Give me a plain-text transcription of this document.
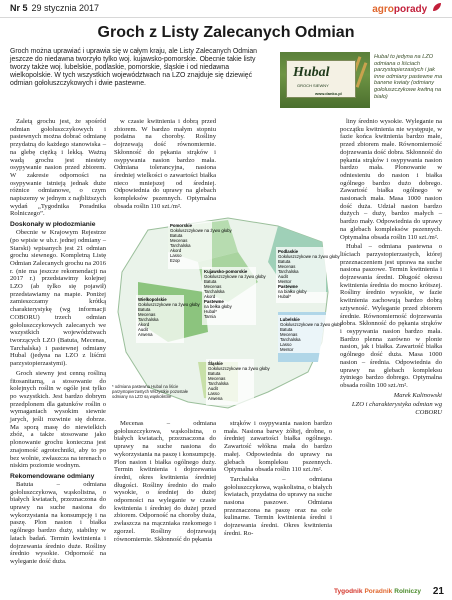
Nr 5 29 stycznia 2017	agroporady
Groch z Listy Zalecanych Odmian
Groch można uprawiać i uprawia się w całym kraju, ale Listy Zalecanych Odmian jeszcze do niedawna tworzyło tylko woj. kujawsko-pomorskie. Obecnie takie listy tworzy także woj. lubelskie, podlaskie, pomorskie, śląskie i od niedawna wielkopolskie. W tych wszystkich województwach na LZO znajduje się dziewięć odmian gołoluszczykowych i dwie pastewne.
Hubal
GROCH SIEWNY
www.danko.pl
Hubal to jedyna na LZO odmiana o liściach parzystopierzastych i jak inne odmiany pastewne ma barwne kwiaty (odmiany gołoluszczykowe kwitną na biało)

Zaletą grochu jest, że spośród odmian gołoluszczykowych i pastewnych można dobrać odmianę przydatną do każdego stanowiska – na glebę ciężką i lekką. Ważną wadą grochu jest niestety osypywanie nasion przed zbiorem. W zakresie odporności na osypywanie istnieją jednak duże różnice odmianowe, o czym napiszemy w jednym z najbliższych wydań „Tygodnika Poradnika Rolniczego”.

Doskonały w płodozmianie

Obecnie w Krajowym Rejestrze (po wpisie w ub.r. jednej odmiany – Starski) wpisanych jest 21 odmian grochu siewnego. Kompletną Listę Odmian Zalecanych grochu na 2016 r. (nie ma jeszcze rekomendacji na 2017 r.) przedstawimy kolejnej LZO (ab tylko się pojawił) przedstawiamy na mapie. Poniżej zamieszczamy krótką charakterystykę (wg informacji COBORU) trzech odmian gołoluszczykowych zalecanych we wszystkich województwach tworzących LZO (Batuta, Mecenas, Tarchalska) i pastewnej odmiany Hubal (jedyna na LZO z liśćmi parzystopierzastymi).

Groch siewny jest cenną rośliną fitosanitarną, a stosowanie do kolejnych roślin w ogóle jest tylko po wszystkich. Jest bardzo dobrym przedplonem dla gatunków roślin o wymaganiach wysokim siewnie jarych, jeśli rozwinie się dobrze. Ma sporą masę do niewielkich zbóż, a także stosowane jako plonowanie grochu konieczna jest znajomość agrotechniki, aby to po bez wolnie, zwłaszcza na terenach o niskim poziomie wodnym.

Rekomendowane odmiany

Batuta – odmiana gołoluszczykowa, wąskolistna, o białych kwiatach, przeznaczona do uprawy na suche nasiona do wykorzystania na konsumpcję i na paszę. Plon nasion i białka ogólnego bardzo duży, stabilny w latach badań. Termin kwitnienia i dojrzewania średnio duże. Rośliny średnio wysokie. Odporność na wyleganie dość duża.

w czasie kwitnienia i dobrą przed zbiorem. W bardzo małym stopniu podatna na choroby. Rośliny dojrzewają dość równomiernie. Skłonność do pękania strąków i osypywania nasion bardzo mała. Odmiana tolerancyjna, nasiona średniej wielkości o zawartości białka nieco mniejszej od średniej. Odpowiednia do uprawy na glebach kompleksów pszennych. Optymalna obsada roślin 110 szt./m².

liny średnio wysokie. Wyleganie na początku kwitnienia nie występuje, w fazie końca kwitnienia bardzo małe, przed zbiorem małe. Równomierność dojrzewania dość dobra. Skłonność do pękania strąków i osypywania nasion bardzo mała. Plonowanie w odniesieniu do nasion i białka ogólnego bardzo dużo dobrego. Zawartość białka ogólnego w nasionach mała. Masa 1000 nasion dość duża. Udział nasion bardzo dużych – duży, bardzo małych – bardzo mały. Odpowiednia do uprawy na glebach kompleksów pszennych. Optymalna obsada roślin 110 szt./m².

Hubal – odmiana pastewna o liściach parzystopierzastych, której przeznaczeniem jest uprawa na suche nasiona paszowe. Termin kwitnienia i dojrzewania średni. Długość okresu kwitnienia średnia do mocno krótszej. Rośliny średnio wysokie, w fazie kwitnienia zachowują bardzo dobrą sztywność. Wyleganie przed zbiorem średnie. Równomierność dojrzewania dobra. Skłonność do pękania strąków i osypywania nasion bardzo mała. Bardzo plenna zarówno w plonie nasion, jak i białka. Zawartość białka ogólnego dość duża. Masa 1000 nasion – średnia. Odpowiednia do uprawy na glebach kompleksu żytniego bardzo dobrego. Optymalna obsada roślin 100 szt./m².

Marek Kalinowski

LZO i charakterystyka odmian wg COBORU

Mecenas – odmiana gołoluszczykowa, wąskolistna, o białych kwiatach, przeznaczona do uprawy na suche nasiona do wykorzystania na paszę i konsumpcję. Plon nasion i białka ogólnego duży. Termin kwitnienia i dojrzewania średni, okres kwitnienia średniej długości. Rośliny średnio do mało wysokie, o średniej do dużej odporności na wyleganie w czasie kwitnienia i średniej do dużej przed zbiorem. Odporność na choroby duża, zwłaszcza na mączniaka rzekomego i zgorzel. Rośliny dojrzewają równomiernie. Skłonność do pękania

strąków i osypywania nasion bardzo mała. Nasiona barwy żółtej, drobne, o średniej zawartości białka ogólnego. Zawartość włókna mała do bardzo małej. Odpowiednia do uprawy na glebach kompleksu pszennych. Optymalna obsada roślin 110 szt./m².

Tarchalska – odmiana gołoluszczykowa, wąskolistna, o białych kwiatach, przydatna do uprawy na suche nasiona paszowe. Odmiana przeznaczona na paszę oraz na cele kulinarne. Termin kwitnienia średni i dojrzewania średni. Okres kwitnienia średni. Ro-

Pomorskie
Gołoluszczykowe na żywo głoby
Batuta
Mecenas
Tarchalska
Akord
Lasso
Ezop
Kujawsko-pomorskie
Gołoluszczykowe na żywo głoby
Batuta
Mecenas
Tarchalska
Akord
Pastewne
na bełka głoby
Hubal*
Tarnia
Wielkopolskie
Gołoluszczykowe na żywo głoby
Batuta
Mecenas
Tarchalska
Akord
Audit
Arwena
Podlaskie
Gołoluszczykowe na żywo głoby
Batuta
Mecenas
Tarchalska
Audit
Mentor
Pastewne
na białko głoby
Hubal*
Lubelskie
Gołoluszczykowe na żywo głoby
Batuta
Mecenas
Tarchalska
Lasso
Mentor
Śląskie
Gołoluszczykowe na żywo głoby
Batuta
Mecenas
Tarchalska
Audit
Lasso
Arwena
* odmiana pastewna Hubal na liście parzystopierzastych Wszystkie pozostałe odmiany na LZO są wąskolistne
Tygodnik Poradnik Rolniczy 21
